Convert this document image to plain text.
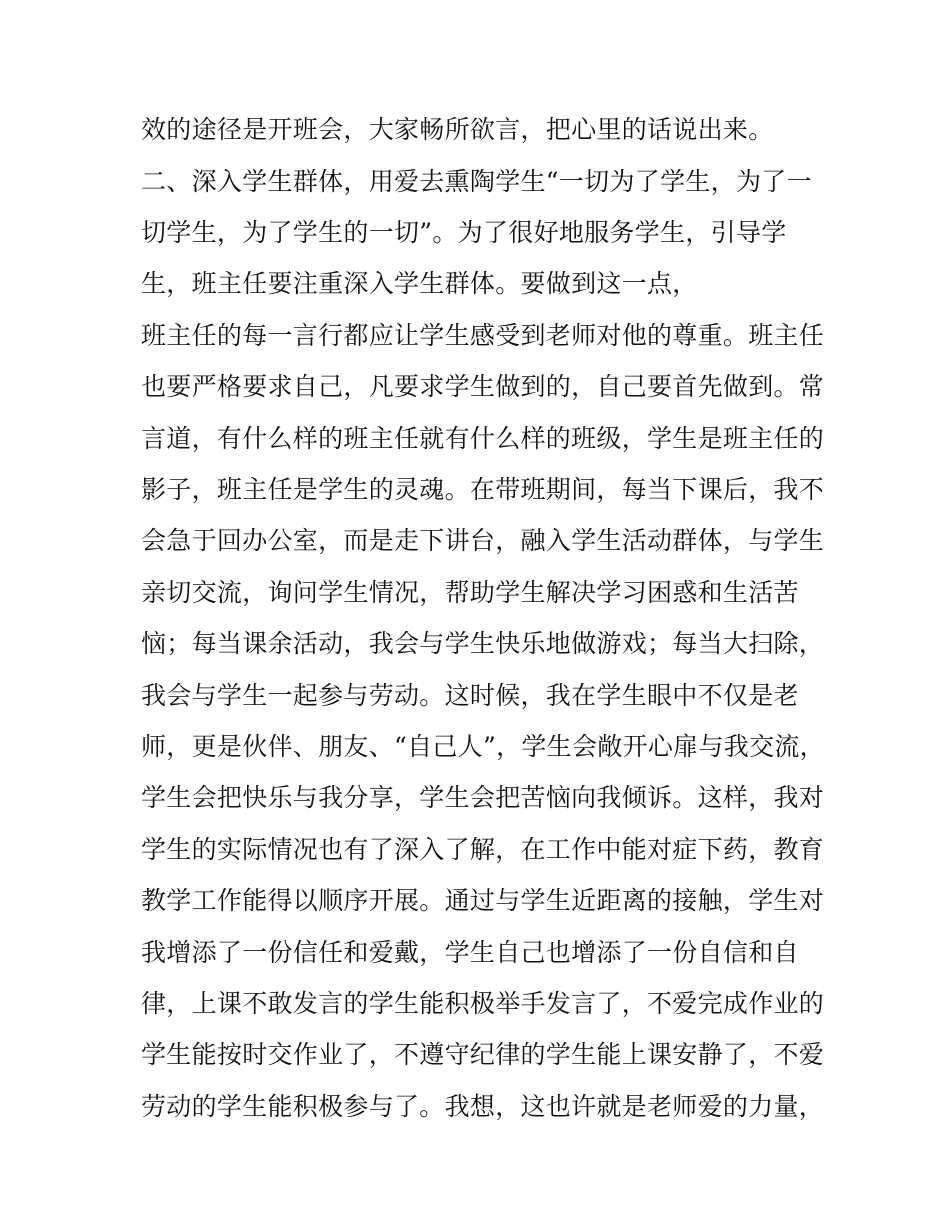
效的途径是开班会，大家畅所欲言，把心里的话说出来。
二、深入学生群体，用爱去熏陶学生“一切为了学生，为了一
切学生，为了学生的一切”。为了很好地服务学生，引导学
生，班主任要注重深入学生群体。要做到这一点，
班主任的每一言行都应让学生感受到老师对他的尊重。班主任
也要严格要求自己，凡要求学生做到的，自己要首先做到。常
言道，有什么样的班主任就有什么样的班级，学生是班主任的
影子，班主任是学生的灵魂。在带班期间，每当下课后，我不
会急于回办公室，而是走下讲台，融入学生活动群体，与学生
亲切交流，询问学生情况，帮助学生解决学习困惑和生活苦
恼；每当课余活动，我会与学生快乐地做游戏；每当大扫除，
我会与学生一起参与劳动。这时候，我在学生眼中不仅是老
师，更是伙伴、朋友、“自己人”，学生会敞开心扉与我交流，
学生会把快乐与我分享，学生会把苦恼向我倾诉。这样，我对
学生的实际情况也有了深入了解，在工作中能对症下药，教育
教学工作能得以顺序开展。通过与学生近距离的接触，学生对
我增添了一份信任和爱戴，学生自己也增添了一份自信和自
律，上课不敢发言的学生能积极举手发言了，不爱完成作业的
学生能按时交作业了，不遵守纪律的学生能上课安静了，不爱
劳动的学生能积极参与了。我想，这也许就是老师爱的力量，
